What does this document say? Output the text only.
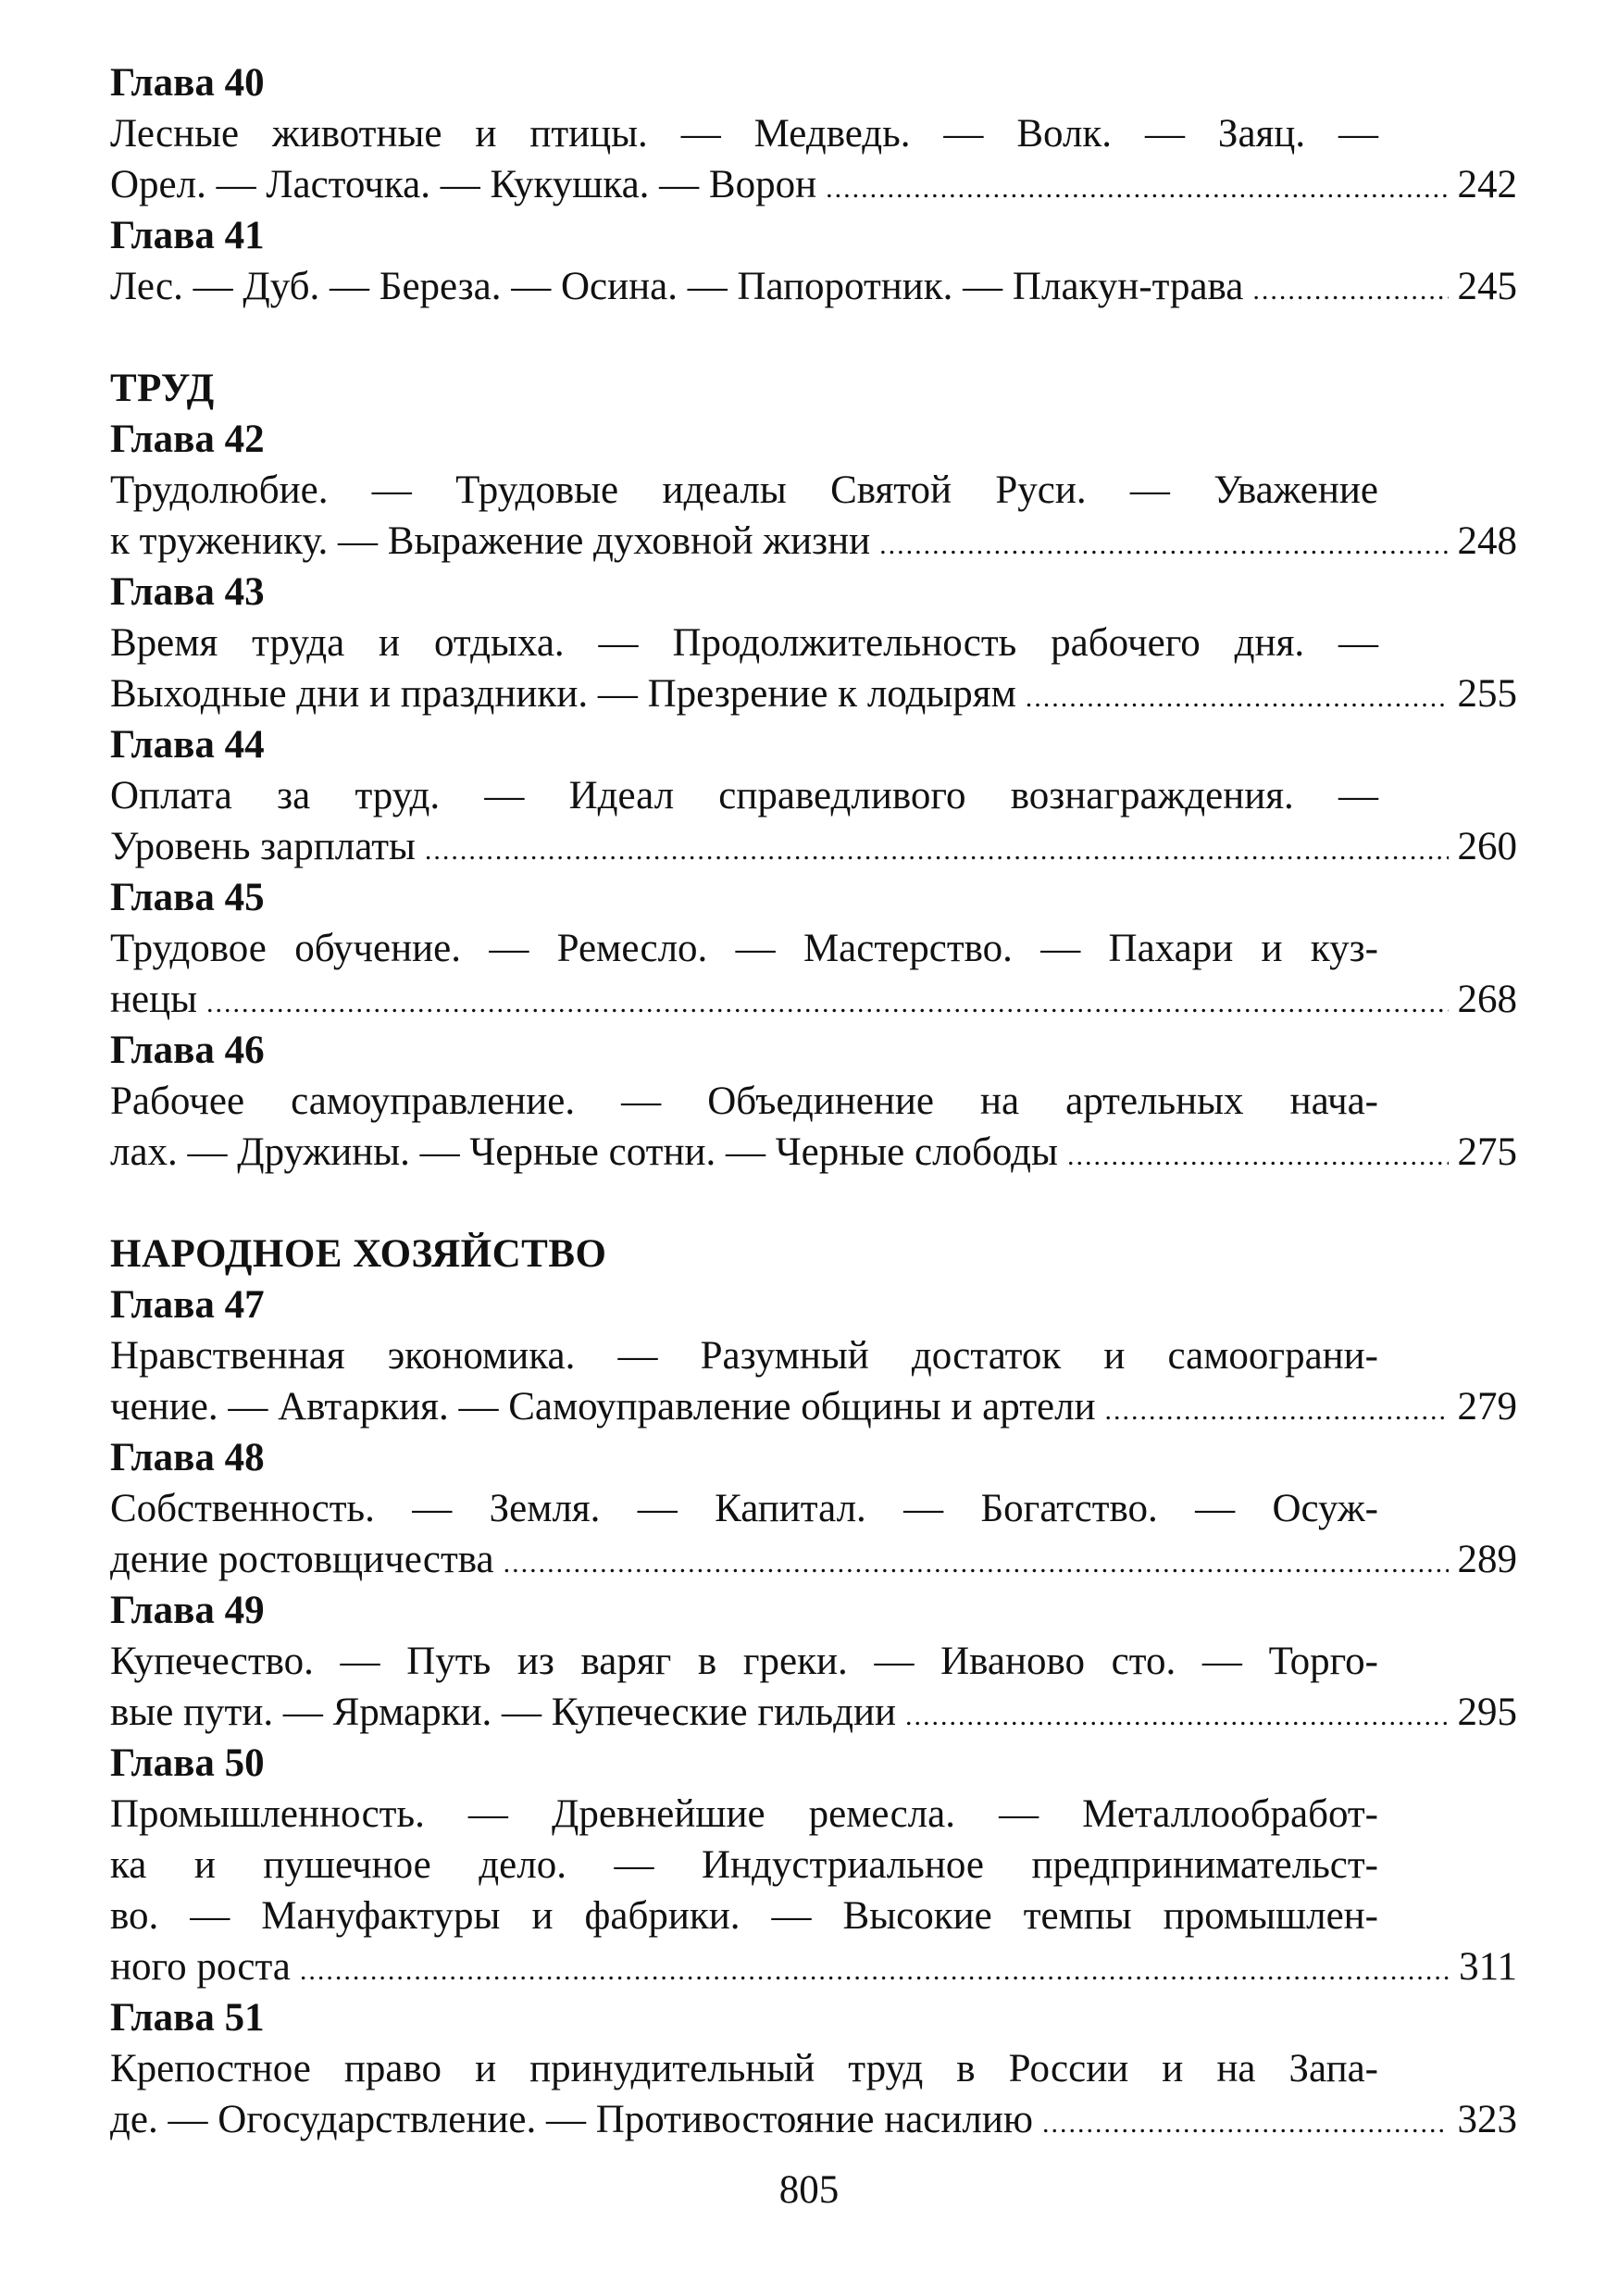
Глава 40
Лесные животные и птицы. — Медведь. — Волк. — Заяц. —
Орел. — Ласточка. — Кукушка. — Ворон .....	242
Глава 41
Лес. — Дуб. — Береза. — Осина. — Папоротник. — Плакун-трава .....	245
ТРУД
Глава 42
Трудолюбие. — Трудовые идеалы Святой Руси. — Уважение
к труженику. — Выражение духовной жизни .....	248
Глава 43
Время труда и отдыха. — Продолжительность рабочего дня. —
Выходные дни и праздники. — Презрение к лодырям .....	255
Глава 44
Оплата за труд. — Идеал справедливого вознаграждения. —
Уровень зарплаты .....	260
Глава 45
Трудовое обучение. — Ремесло. — Мастерство. — Пахари и куз-
нецы .....	268
Глава 46
Рабочее самоуправление. — Объединение на артельных нача-
лах. — Дружины. — Черные сотни. — Черные слободы .....	275
НАРОДНОЕ ХОЗЯЙСТВО
Глава 47
Нравственная экономика. — Разумный достаток и самоограни-
чение. — Автаркия. — Самоуправление общины и артели .....	279
Глава 48
Собственность. — Земля. — Капитал. — Богатство. — Осуж-
дение ростовщичества .....	289
Глава 49
Купечество. — Путь из варяг в греки. — Иваново сто. — Торго-
вые пути. — Ярмарки. — Купеческие гильдии .....	295
Глава 50
Промышленность. — Древнейшие ремесла. — Металлообработ-
ка и пушечное дело. — Индустриальное предпринимательст-
во. — Мануфактуры и фабрики. — Высокие темпы промышлен-
ного роста .....	311
Глава 51
Крепостное право и принудительный труд в России и на Запа-
де. — Огосударствление. — Противостояние насилию .....	323
805
